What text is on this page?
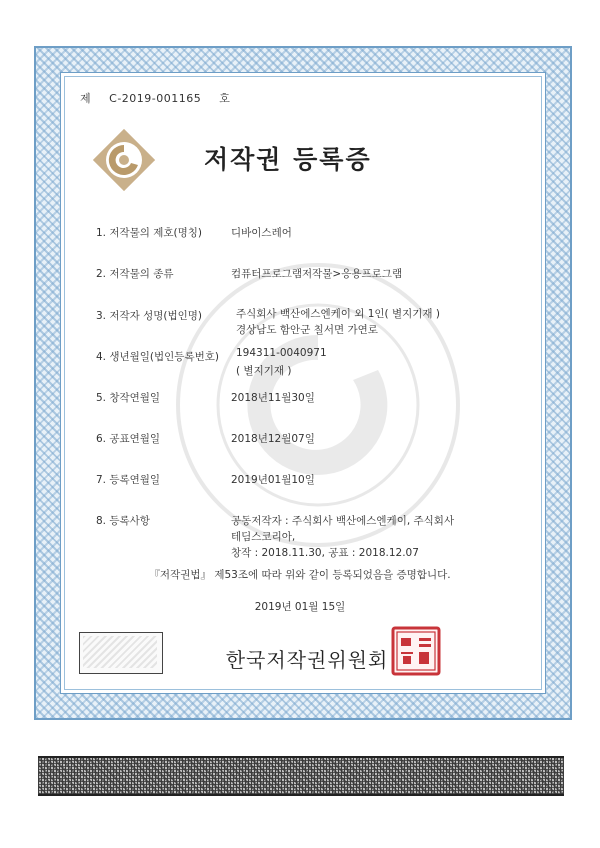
제 C-2019-001165 호
저작권 등록증
1. 저작물의 제호(명칭)	디바이스레어
2. 저작물의 종류	컴퓨터프로그램저작물>응용프로그램
3. 저작자 성명(법인명)	주식회사 백산에스엔케이 외 1인( 별지기재 )
경상남도 함안군 칠서면 가연로
4. 생년월일(법인등록번호)	194311-0040971
( 별지기재 )
5. 창작연월일	2018년11월30일
6. 공표연월일	2018년12월07일
7. 등록연월일	2019년01월10일
8. 등록사항	공동저작자 : 주식회사 백산에스엔케이, 주식회사
테딤스코리아,
창작 : 2018.11.30, 공표 : 2018.12.07
『저작권법』 제53조에 따라 위와 같이 등록되었음을 증명합니다.
2019년 01월 15일
한국저작권위원회
